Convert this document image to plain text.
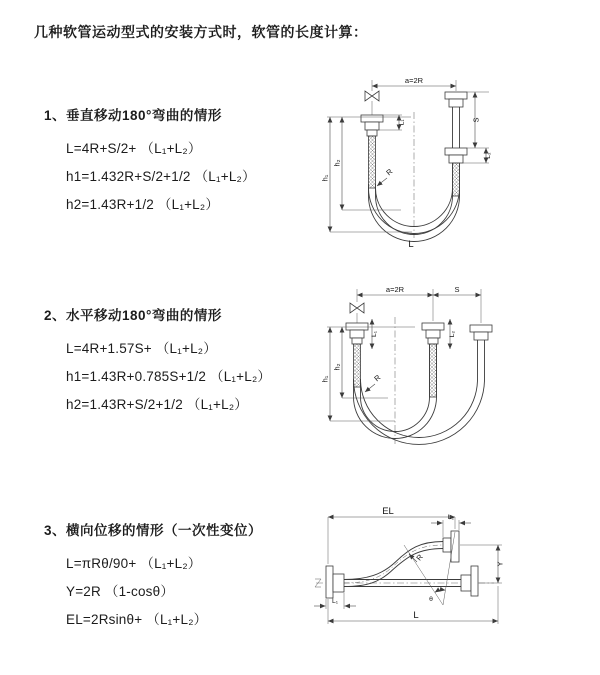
几种软管运动型式的安装方式时，软管的长度计算：
1、垂直移动180°弯曲的情形
L=4R+S/2+ （L₁+L₂）
h1=1.432R+S/2+1/2 （L₁+L₂）
h2=1.43R+1/2 （L₁+L₂）
a=2R
h₁
h₂
L₁	S
L₂
R
L
2、水平移动180°弯曲的情形
L=4R+1.57S+ （L₁+L₂）
h1=1.43R+0.785S+1/2 （L₁+L₂）
h2=1.43R+S/2+1/2 （L₁+L₂）
a=2R	S
L₁	L₂
h₁
h₂
R
3、横向位移的情形（一次性变位）
L=πRθ/90+ （L₁+L₂）
Y=2R （1-cosθ）
EL=2Rsinθ+ （L₁+L₂）
EL
L₂
Y
L
L₁	θ
R
